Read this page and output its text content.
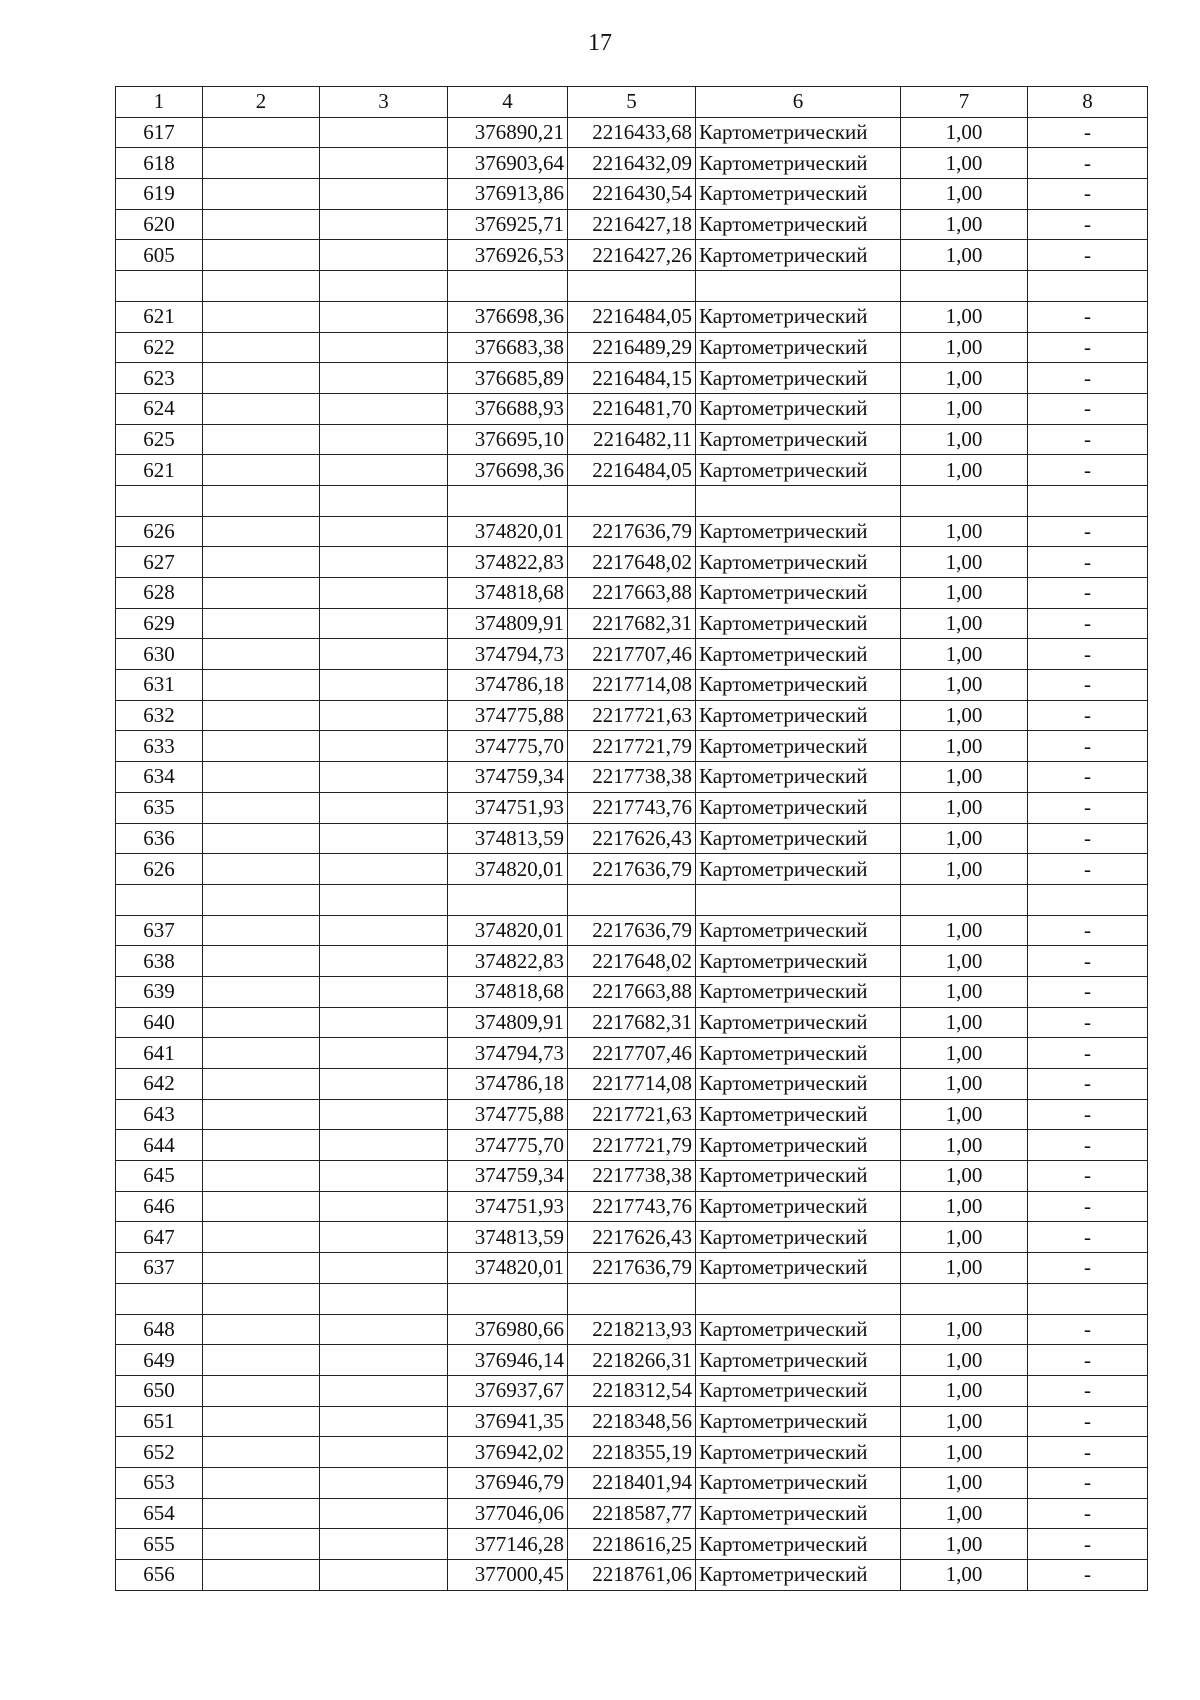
17
1	2	3	4	5	6	7	8
617			376890,21	2216433,68	Картометрический	1,00	-
618			376903,64	2216432,09	Картометрический	1,00	-
619			376913,86	2216430,54	Картометрический	1,00	-
620			376925,71	2216427,18	Картометрический	1,00	-
605			376926,53	2216427,26	Картометрический	1,00	-

621			376698,36	2216484,05	Картометрический	1,00	-
622			376683,38	2216489,29	Картометрический	1,00	-
623			376685,89	2216484,15	Картометрический	1,00	-
624			376688,93	2216481,70	Картометрический	1,00	-
625			376695,10	2216482,11	Картометрический	1,00	-
621			376698,36	2216484,05	Картометрический	1,00	-

626			374820,01	2217636,79	Картометрический	1,00	-
627			374822,83	2217648,02	Картометрический	1,00	-
628			374818,68	2217663,88	Картометрический	1,00	-
629			374809,91	2217682,31	Картометрический	1,00	-
630			374794,73	2217707,46	Картометрический	1,00	-
631			374786,18	2217714,08	Картометрический	1,00	-
632			374775,88	2217721,63	Картометрический	1,00	-
633			374775,70	2217721,79	Картометрический	1,00	-
634			374759,34	2217738,38	Картометрический	1,00	-
635			374751,93	2217743,76	Картометрический	1,00	-
636			374813,59	2217626,43	Картометрический	1,00	-
626			374820,01	2217636,79	Картометрический	1,00	-

637			374820,01	2217636,79	Картометрический	1,00	-
638			374822,83	2217648,02	Картометрический	1,00	-
639			374818,68	2217663,88	Картометрический	1,00	-
640			374809,91	2217682,31	Картометрический	1,00	-
641			374794,73	2217707,46	Картометрический	1,00	-
642			374786,18	2217714,08	Картометрический	1,00	-
643			374775,88	2217721,63	Картометрический	1,00	-
644			374775,70	2217721,79	Картометрический	1,00	-
645			374759,34	2217738,38	Картометрический	1,00	-
646			374751,93	2217743,76	Картометрический	1,00	-
647			374813,59	2217626,43	Картометрический	1,00	-
637			374820,01	2217636,79	Картометрический	1,00	-

648			376980,66	2218213,93	Картометрический	1,00	-
649			376946,14	2218266,31	Картометрический	1,00	-
650			376937,67	2218312,54	Картометрический	1,00	-
651			376941,35	2218348,56	Картометрический	1,00	-
652			376942,02	2218355,19	Картометрический	1,00	-
653			376946,79	2218401,94	Картометрический	1,00	-
654			377046,06	2218587,77	Картометрический	1,00	-
655			377146,28	2218616,25	Картометрический	1,00	-
656			377000,45	2218761,06	Картометрический	1,00	-
